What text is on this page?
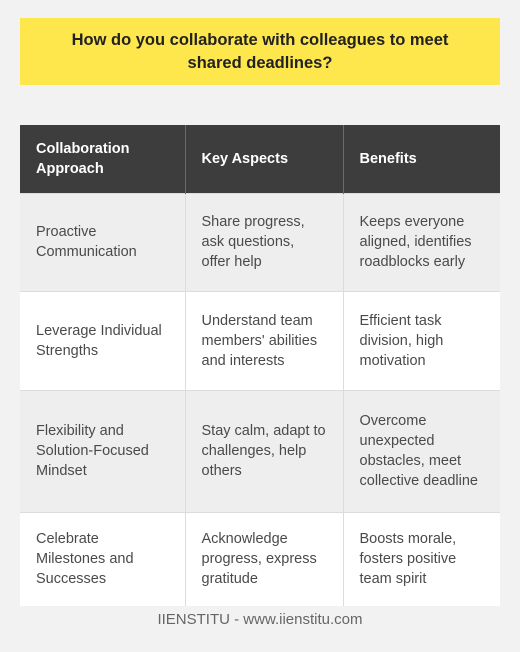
How do you collaborate with colleagues to meet shared deadlines?
Collaboration Approach	Key Aspects	Benefits
Proactive Communication	Share progress, ask questions, offer help	Keeps everyone aligned, identifies roadblocks early
Leverage Individual Strengths	Understand team members' abilities and interests	Efficient task division, high motivation
Flexibility and Solution-Focused Mindset	Stay calm, adapt to challenges, help others	Overcome unexpected obstacles, meet collective deadline
Celebrate Milestones and Successes	Acknowledge progress, express gratitude	Boosts morale, fosters positive team spirit
IIENSTITU - www.iienstitu.com
